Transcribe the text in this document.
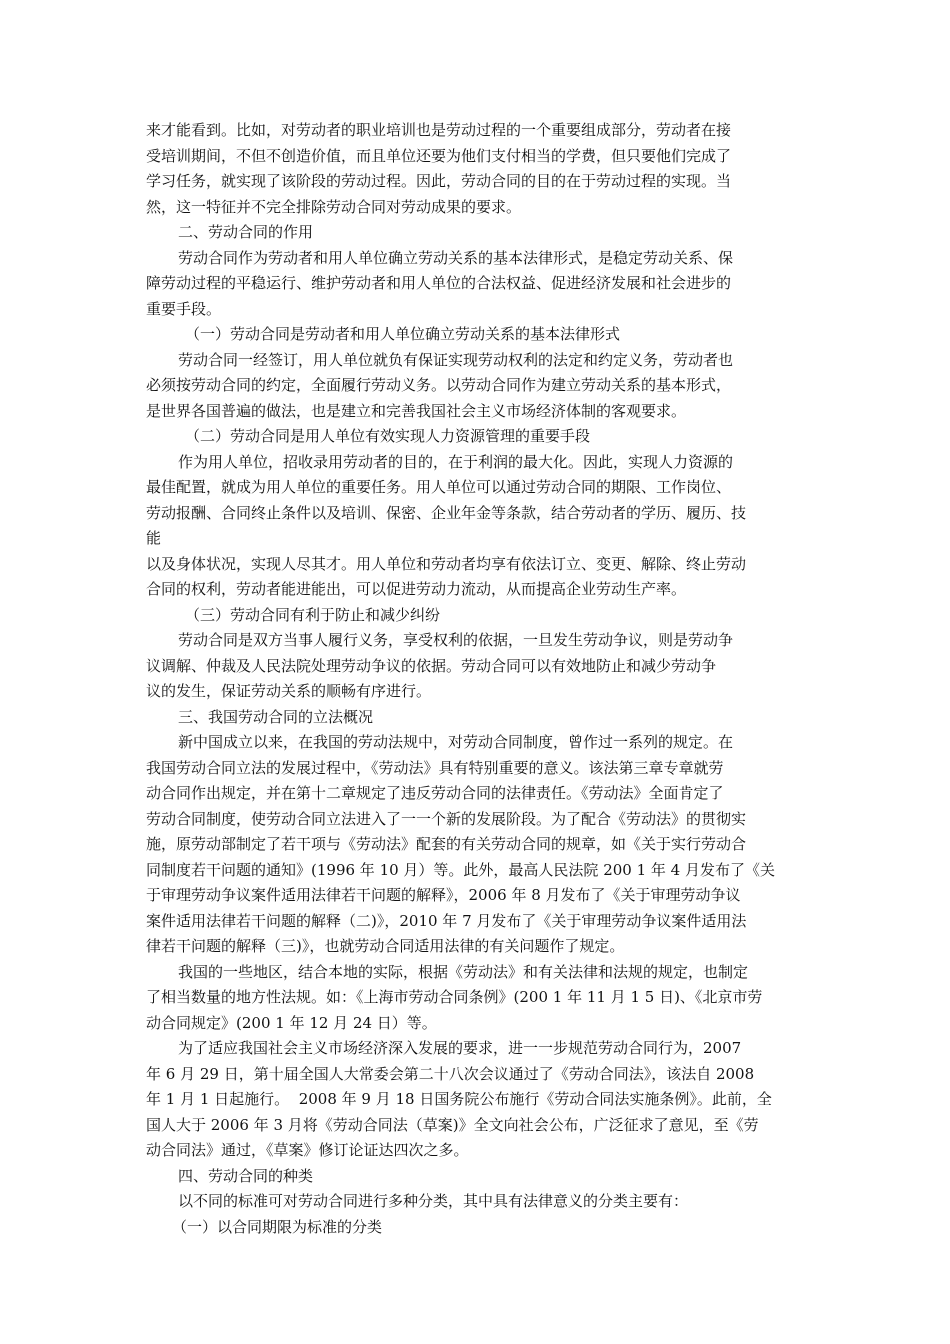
来才能看到。比如，对劳动者的职业培训也是劳动过程的一个重要组成部分，劳动者在接
受培训期间，不但不创造价值，而且单位还要为他们支付相当的学费，但只要他们完成了
学习任务，就实现了该阶段的劳动过程。因此，劳动合同的目的在于劳动过程的实现。当
然，这一特征并不完全排除劳动合同对劳动成果的要求。
二、劳动合同的作用
劳动合同作为劳动者和用人单位确立劳动关系的基本法律形式，是稳定劳动关系、保
障劳动过程的平稳运行、维护劳动者和用人单位的合法权益、促进经济发展和社会进步的
重要手段。
（一）劳动合同是劳动者和用人单位确立劳动关系的基本法律形式
劳动合同一经签订，用人单位就负有保证实现劳动权利的法定和约定义务，劳动者也
必须按劳动合同的约定，全面履行劳动义务。以劳动合同作为建立劳动关系的基本形式，
是世界各国普遍的做法，也是建立和完善我国社会主义市场经济体制的客观要求。
（二）劳动合同是用人单位有效实现人力资源管理的重要手段
作为用人单位，招收录用劳动者的目的，在于利润的最大化。因此，实现人力资源的
最佳配置，就成为用人单位的重要任务。用人单位可以通过劳动合同的期限、工作岗位、
劳动报酬、合同终止条件以及培训、保密、企业年金等条款，结合劳动者的学历、履历、技
能
以及身体状况，实现人尽其才。用人单位和劳动者均享有依法订立、变更、解除、终止劳动
合同的权利，劳动者能进能出，可以促进劳动力流动，从而提高企业劳动生产率。
（三）劳动合同有利于防止和减少纠纷
劳动合同是双方当事人履行义务，享受权利的依据，一旦发生劳动争议，则是劳动争
议调解、仲裁及人民法院处理劳动争议的依据。劳动合同可以有效地防止和减少劳动争
议的发生，保证劳动关系的顺畅有序进行。
三、我国劳动合同的立法概况
新中国成立以来，在我国的劳动法规中，对劳动合同制度，曾作过一系列的规定。在
我国劳动合同立法的发展过程中，《劳动法》具有特别重要的意义。该法第三章专章就劳
动合同作出规定，并在第十二章规定了违反劳动合同的法律责任。《劳动法》全面肯定了
劳动合同制度，使劳动合同立法进入了一一个新的发展阶段。为了配合《劳动法》的贯彻实
施，原劳动部制定了若干项与《劳动法》配套的有关劳动合同的规章，如《关于实行劳动合
同制度若干问题的通知》(1996 年 10 月）等。此外，最高人民法院 200 1 年 4 月发布了《关
于审理劳动争议案件适用法律若干问题的解释》，2006 年 8 月发布了《关于审理劳动争议
案件适用法律若干问题的解释（二)》，2010 年 7 月发布了《关于审理劳动争议案件适用法
律若干问题的解释（三)》，也就劳动合同适用法律的有关问题作了规定。
我国的一些地区，结合本地的实际，根据《劳动法》和有关法律和法规的规定，也制定
了相当数量的地方性法规。如：《上海市劳动合同条例》(200 1 年 11 月 1 5 日)、《北京市劳
动合同规定》(200 1 年 12 月 24 日）等。
为了适应我国社会主义市场经济深入发展的要求，进一一步规范劳动合同行为，2007
年 6 月 29 日，第十届全国人大常委会第二十八次会议通过了《劳动合同法》，该法自 2008
年 1 月 1 日起施行。  2008 年 9 月 18 日国务院公布施行《劳动合同法实施条例》。此前，全
国人大于 2006 年 3 月将《劳动合同法（草案)》全文向社会公布，广泛征求了意见，至《劳
动合同法》通过，《草案》修订论证达四次之多。
四、劳动合同的种类
以不同的标准可对劳动合同进行多种分类，其中具有法律意义的分类主要有：
（一）以合同期限为标准的分类
